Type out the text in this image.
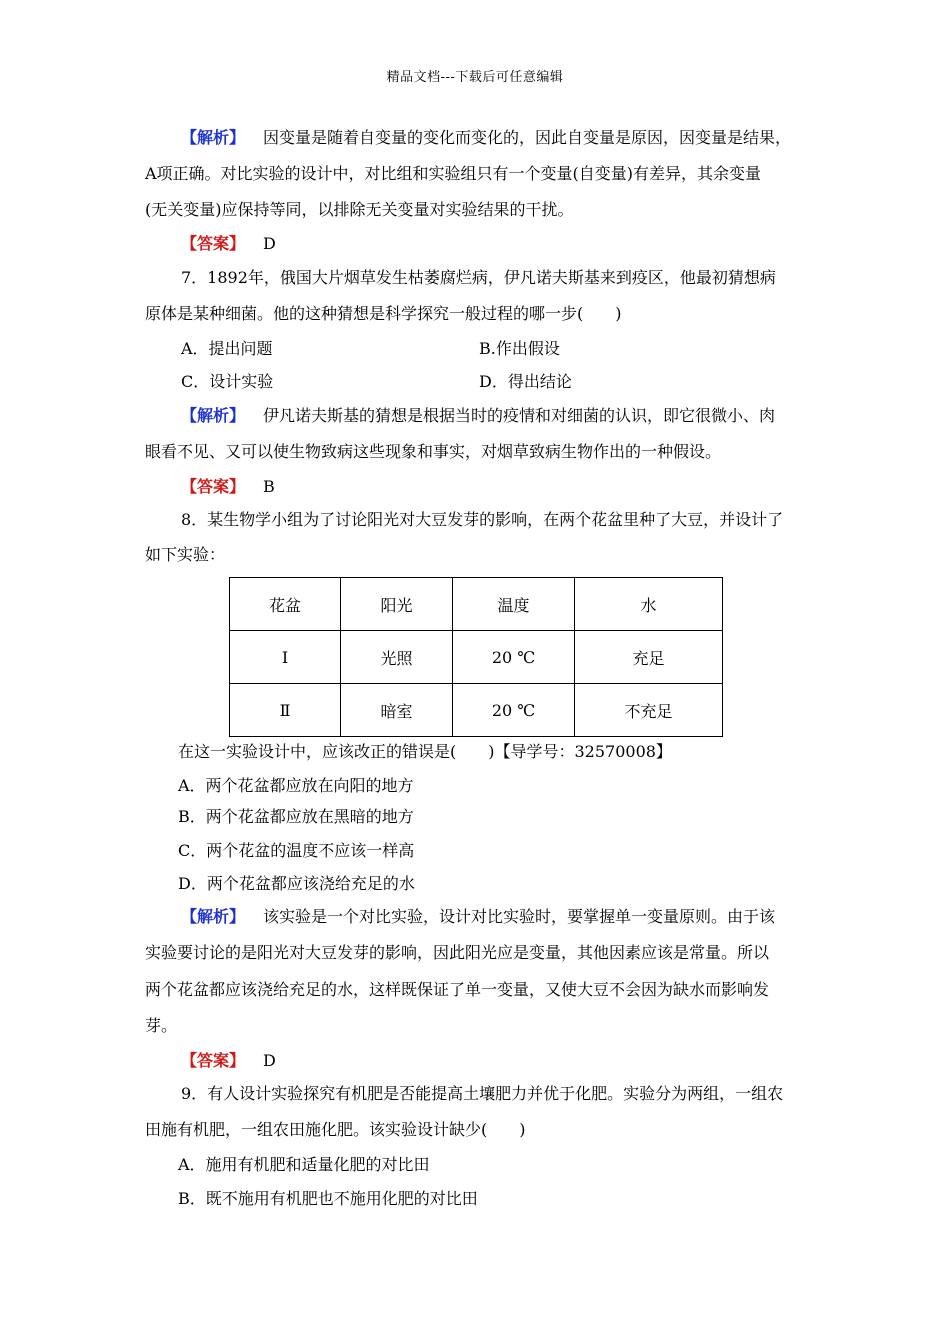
精品文档---下载后可任意编辑
【解析】 因变量是随着自变量的变化而变化的，因此自变量是原因，因变量是结果，
A项正确。对比实验的设计中，对比组和实验组只有一个变量(自变量)有差异，其余变量
(无关变量)应保持等同，以排除无关变量对实验结果的干扰。
【答案】 D
7．1892年，俄国大片烟草发生枯萎腐烂病，伊凡诺夫斯基来到疫区，他最初猜想病
原体是某种细菌。他的这种猜想是科学探究一般过程的哪一步(　　)
A．提出问题	B.作出假设
C．设计实验	D．得出结论
【解析】 伊凡诺夫斯基的猜想是根据当时的疫情和对细菌的认识，即它很微小、肉
眼看不见、又可以使生物致病这些现象和事实，对烟草致病生物作出的一种假设。
【答案】 B
8．某生物学小组为了讨论阳光对大豆发芽的影响，在两个花盆里种了大豆，并设计了
如下实验：
花盆	阳光	温度	水
Ⅰ	光照	20 ℃	充足
Ⅱ	暗室	20 ℃	不充足
在这一实验设计中，应该改正的错误是(　　)【导学号：32570008】
A．两个花盆都应放在向阳的地方
B．两个花盆都应放在黑暗的地方
C．两个花盆的温度不应该一样高
D．两个花盆都应该浇给充足的水
【解析】 该实验是一个对比实验，设计对比实验时，要掌握单一变量原则。由于该
实验要讨论的是阳光对大豆发芽的影响，因此阳光应是变量，其他因素应该是常量。所以
两个花盆都应该浇给充足的水，这样既保证了单一变量，又使大豆不会因为缺水而影响发
芽。
【答案】 D
9．有人设计实验探究有机肥是否能提高土壤肥力并优于化肥。实验分为两组，一组农
田施有机肥，一组农田施化肥。该实验设计缺少(　　)
A．施用有机肥和适量化肥的对比田
B．既不施用有机肥也不施用化肥的对比田
